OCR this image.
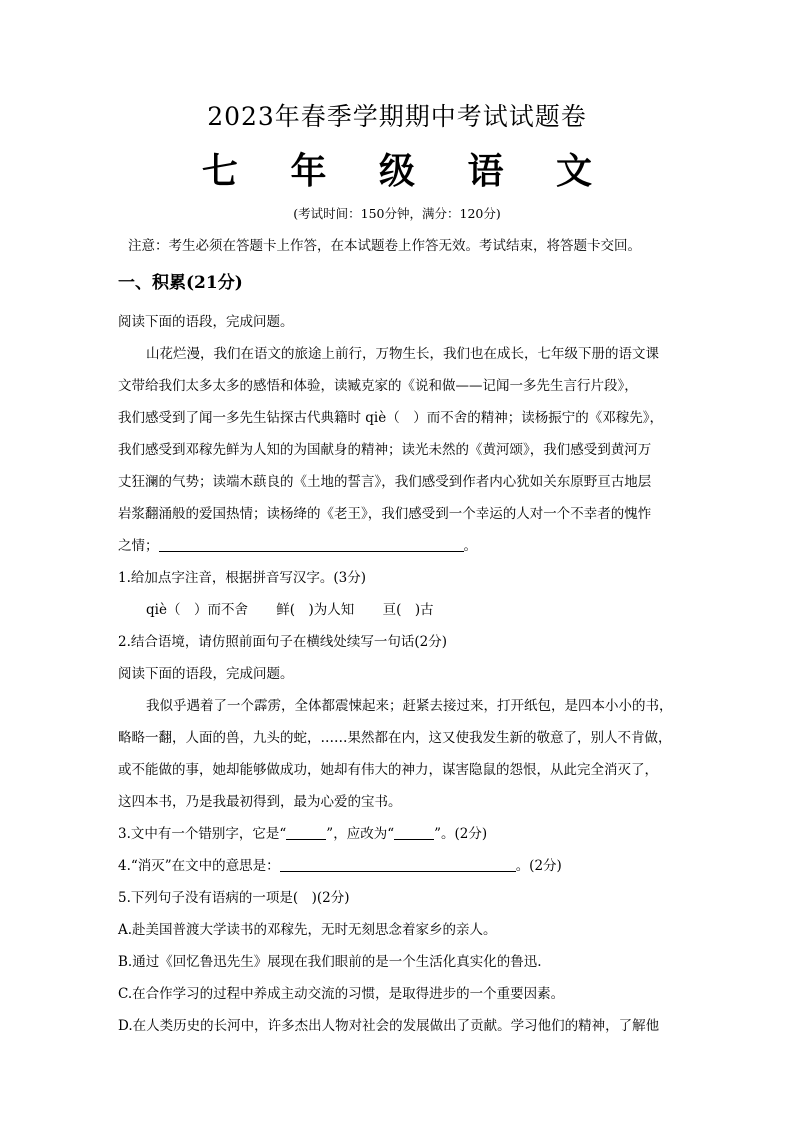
2023年春季学期期中考试试题卷
七 年 级 语 文
(考试时间：150分钟，满分：120分)
注意：考生必须在答题卡上作答，在本试题卷上作答无效。考试结束，将答题卡交回。
一、积累(21分)
阅读下面的语段，完成问题。
山花烂漫，我们在语文的旅途上前行，万物生长，我们也在成长，七年级下册的语文课
文带给我们太多太多的感悟和体验，读臧克家的《说和做——记闻一多先生言行片段》，
我们感受到了闻一多先生钻探古代典籍时 qiè（　）而不舍的精神；读杨振宁的《邓稼先》，
我们感受到邓稼先鲜为人知的为国献身的精神；读光未然的《黄河颂》，我们感受到黄河万
丈狂澜的气势；读端木蕻良的《土地的誓言》，我们感受到作者内心犹如关东原野亘古地层
岩浆翻涌般的爱国热情；读杨绛的《老王》，我们感受到一个幸运的人对一个不幸者的愧怍
之情；	。
1.给加点字注音，根据拼音写汉字。(3分)
qiè（　）而不舍 鲜(　)为人知 亘(　)古
2.结合语境，请仿照前面句子在横线处续写一句话(2分)
阅读下面的语段，完成问题。
我似乎遇着了一个霹雳，全体都震悚起来；赶紧去接过来，打开纸包，是四本小小的书，
略略一翻，人面的兽，九头的蛇，……果然都在内，这又使我发生新的敬意了，别人不肯做，
或不能做的事，她却能够做成功，她却有伟大的神力，谋害隐鼠的怨恨，从此完全消灭了，
这四本书，乃是我最初得到，最为心爱的宝书。
3.文中有一个错别字，它是“	”，应改为“	”。(2分)
4.“消灭”在文中的意思是：	。(2分)
5.下列句子没有语病的一项是(　)(2分)
A.赴美国普渡大学读书的邓稼先，无时无刻思念着家乡的亲人。
B.通过《回忆鲁迅先生》展现在我们眼前的是一个生活化真实化的鲁迅.
C.在合作学习的过程中养成主动交流的习惯，是取得进步的一个重要因素。
D.在人类历史的长河中，许多杰出人物对社会的发展做出了贡献。学习他们的精神，了解他
